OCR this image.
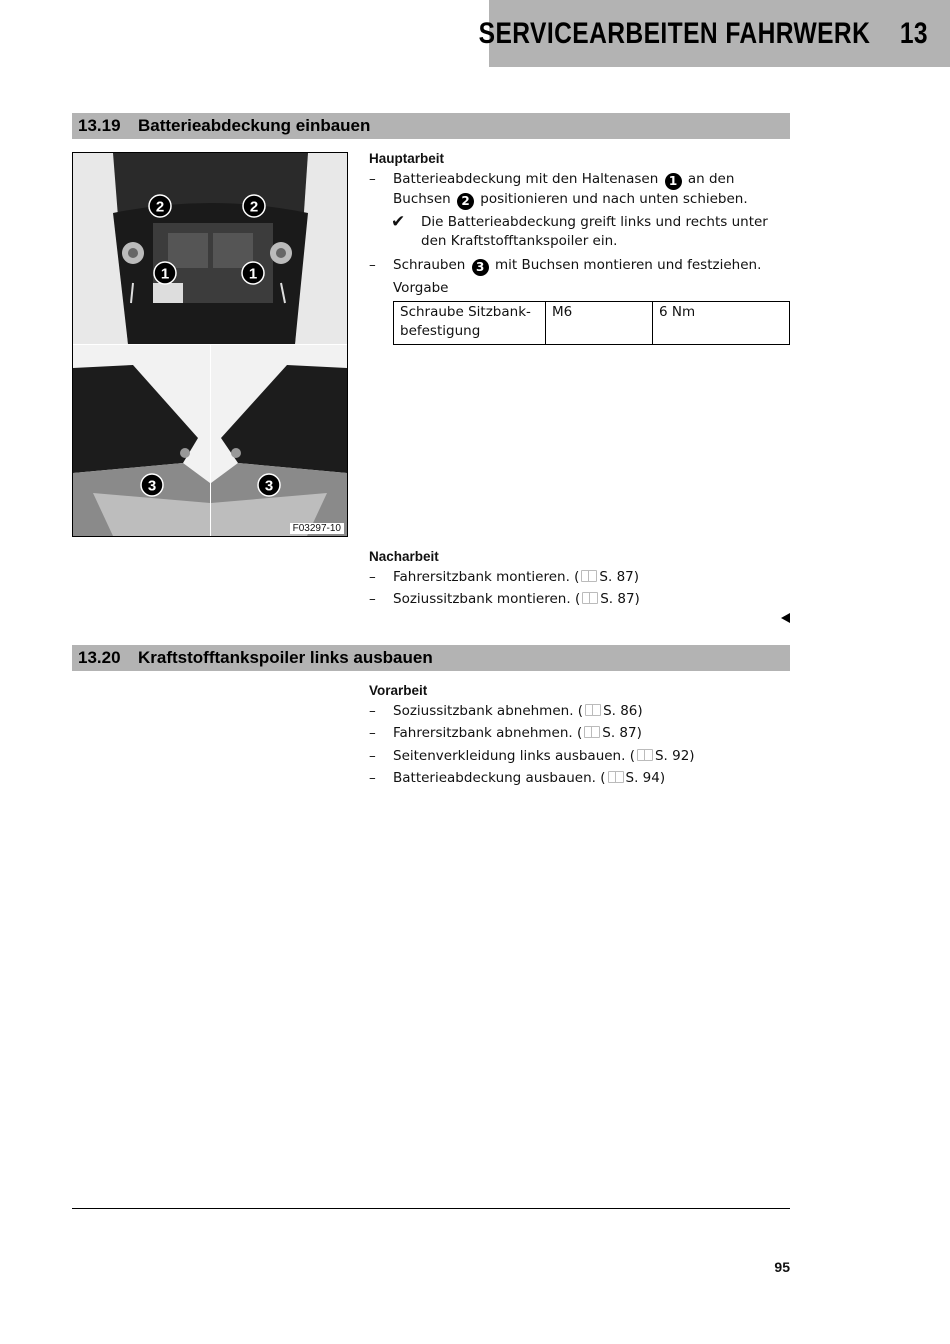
SERVICEARBEITEN FAHRWERK 13
13.19	Batterieabdeckung einbauen
2	2
1	1
3	3
F03297-10
Hauptarbeit
– Batterieabdeckung mit den Haltenasen 1 an den Buchsen 2 positionieren und nach unten schieben.
✔ Die Batterieabdeckung greift links und rechts unter den Kraftstofftankspoiler ein.
– Schrauben 3 mit Buchsen montieren und festziehen.
Vorgabe
Schraube Sitzbankbefestigung	M6	6 Nm
Nacharbeit
– Fahrersitzbank montieren. ( S. 87)
– Soziussitzbank montieren. ( S. 87)
13.20	Kraftstofftankspoiler links ausbauen
Vorarbeit
– Soziussitzbank abnehmen. ( S. 86)
– Fahrersitzbank abnehmen. ( S. 87)
– Seitenverkleidung links ausbauen. ( S. 92)
– Batterieabdeckung ausbauen. ( S. 94)
95
